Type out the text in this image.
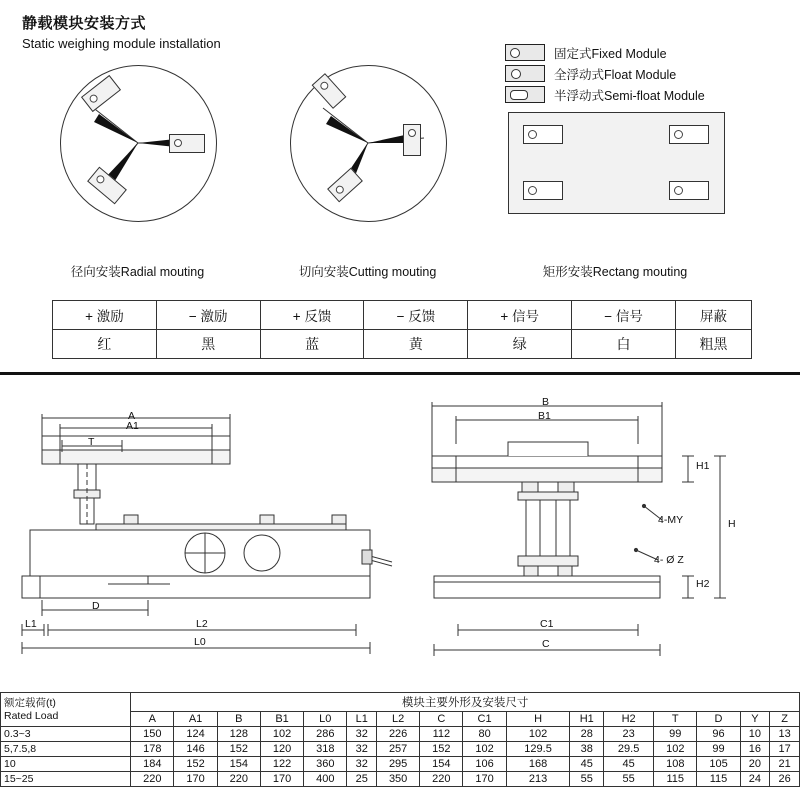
静载模块安装方式
Static weighing module installation
固定式Fixed Module
全浮动式Float Module
半浮动式Semi-float Module
径向安装Radial mouting	切向安装Cutting mouting	矩形安装Rectang mouting
+ 激励	− 激励	+ 反馈	− 反馈	+ 信号	− 信号	屏蔽
红	黑	蓝	黄	绿	白	粗黑
A
A1
T
D
L1	L2
L0
B
B1
H1
H2
H
C
C1
4-MY
4- Ø Z
额定载荷(t)
Rated Load	模块主要外形及安装尺寸															
	A	A1	B	B1	L0	L1	L2	C	C1	H	H1	H2	T	D	Y	Z
0.3~3	150	124	128	102	286	32	226	112	80	102	28	23	99	96	10	13
5,7.5,8	178	146	152	120	318	32	257	152	102	129.5	38	29.5	102	99	16	17
10	184	152	154	122	360	32	295	154	106	168	45	45	108	105	20	21
15~25	220	170	220	170	400	25	350	220	170	213	55	55	115	115	24	26
